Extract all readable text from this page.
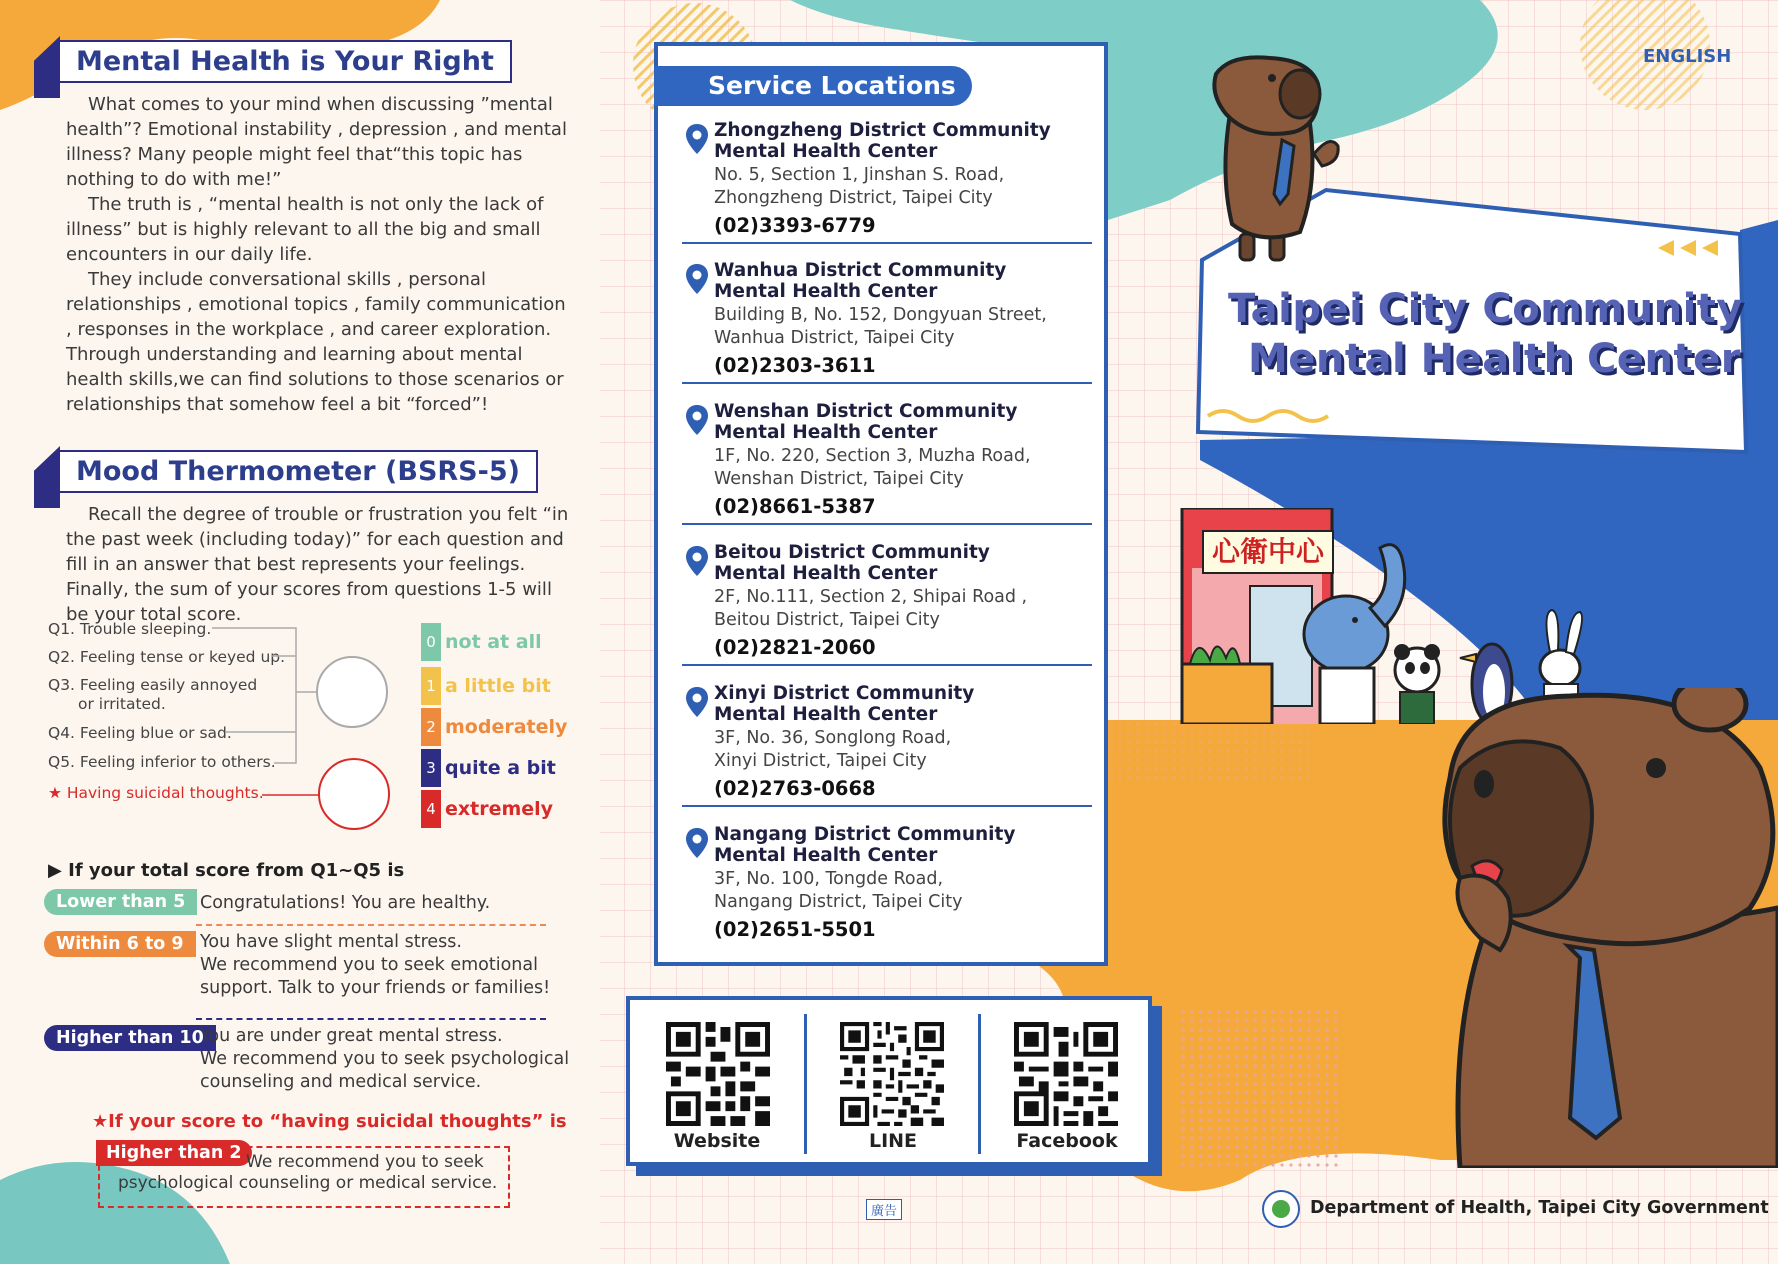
Mental Health is Your Right

What comes to your mind when discussing ”mental health”? Emotional instability , depression , and mental illness? Many people might feel that“this topic has nothing to do with me!”

The truth is , “mental health is not only the lack of illness” but is highly relevant to all the big and small encounters in our daily life.

They include conversational skills , personal relationships , emotional topics , family communication , responses in the workplace , and career exploration. Through understanding and learning about mental health skills,we can find solutions to those scenarios or relationships that somehow feel a bit “forced”!

Mood Thermometer (BSRS-5)

Recall the degree of trouble or frustration you felt “in the past week (including today)” for each question and fill in an answer that best represents your feelings. Finally, the sum of your scores from questions 1-5 will be your total score.

Q1. Trouble sleeping.
Q2. Feeling tense or keyed up.
Q3. Feeling easily annoyed or irritated.
Q4. Feeling blue or sad.
Q5. Feeling inferior to others.
★ Having suicidal thoughts.
0 not at all
1 a little bit
2 moderately
3 quite a bit
4 extremely
▶ If your total score from Q1~Q5 is
Lower than 5 Congratulations! You are healthy.
Within 6 to 9 You have slight mental stress.
We recommend you to seek emotional
support. Talk to your friends or families!
Higher than 10
You are under great mental stress.
We recommend you to seek psychological
counseling and medical service.
★If your score to “having suicidal thoughts” is
Higher than 2 We recommend you to seek
psychological counseling or medical service.
Service Locations
Zhongzheng District Community
Mental Health Center
No. 5, Section 1, Jinshan S. Road,
Zhongzheng District, Taipei City
(02)3393-6779
Wanhua District Community
Mental Health Center
Building B, No. 152, Dongyuan Street,
Wanhua District, Taipei City
(02)2303-3611
Wenshan District Community
Mental Health Center
1F, No. 220, Section 3, Muzha Road,
Wenshan District, Taipei City
(02)8661-5387
Beitou District Community
Mental Health Center
2F, No.111, Section 2, Shipai Road ,
Beitou District, Taipei City
(02)2821-2060
Xinyi District Community
Mental Health Center
3F, No. 36, Songlong Road,
Xinyi District, Taipei City
(02)2763-0668
Nangang District Community
Mental Health Center
3F, No. 100, Tongde Road,
Nangang District, Taipei City
(02)2651-5501
Website	LINE	Facebook
廣告
ENGLISH
Taipei City Community
Mental Health Center
心衛中心
Department of Health, Taipei City Government
